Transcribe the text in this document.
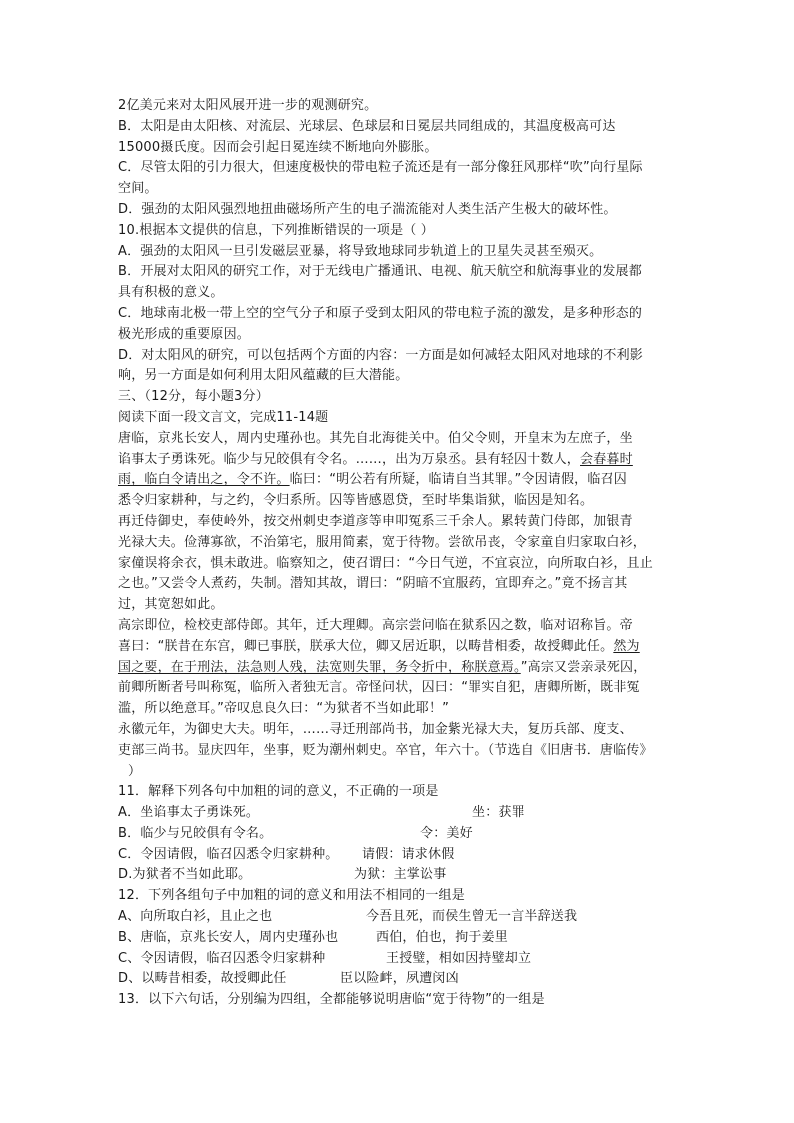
2亿美元来对太阳风展开进一步的观测研究。
B．太阳是由太阳核、对流层、光球层、色球层和日冕层共同组成的，其温度极高可达
15000摄氏度。因而会引起日冕连续不断地向外膨胀。
C．尽管太阳的引力很大，但速度极快的带电粒子流还是有一部分像狂风那样“吹”向行星际
空间。
D．强劲的太阳风强烈地扭曲磁场所产生的电子湍流能对人类生活产生极大的破坏性。
10.根据本文提供的信息，下列推断错误的一项是（ ）
A．强劲的太阳风一旦引发磁层亚暴，将导致地球同步轨道上的卫星失灵甚至殒灭。
B．开展对太阳风的研究工作，对于无线电广播通讯、电视、航天航空和航海事业的发展都
具有积极的意义。
C．地球南北极一带上空的空气分子和原子受到太阳风的带电粒子流的激发，是多种形态的
极光形成的重要原因。
D．对太阳风的研究，可以包括两个方面的内容：一方面是如何减轻太阳风对地球的不利影
响，另一方面是如何利用太阳风蕴藏的巨大潜能。
三、（12分，每小题3分）
阅读下面一段文言文，完成11-14题
唐临，京兆长安人，周内史瑾孙也。其先自北海徙关中。伯父令则，开皇末为左庶子，坐
谄事太子勇诛死。临少与兄皎俱有令名。……，出为万泉丞。县有轻囚十数人，会春暮时
雨，临白令请出之，令不许。临曰：“明公若有所疑，临请自当其罪。”令因请假，临召囚
悉令归家耕种，与之约，令归系所。囚等皆感恩贷，至时毕集诣狱，临因是知名。
再迁侍御史，奉使岭外，按交州刺史李道彦等申叩冤系三千余人。累转黄门侍郎，加银青
光禄大夫。俭薄寡欲，不治第宅，服用简素，宽于待物。尝欲吊丧，令家童自归家取白衫，
家僮误将余衣，惧未敢进。临察知之，使召谓曰：“今日气逆，不宜哀泣，向所取白衫，且止
之也。”又尝令人煮药，失制。潜知其故，谓曰：“阴暗不宜服药，宜即弃之。”竟不扬言其
过，其宽恕如此。
高宗即位，检校吏部侍郎。其年，迁大理卿。高宗尝问临在狱系囚之数，临对诏称旨。帝
喜曰：“朕昔在东宫，卿已事朕，朕承大位，卿又居近职，以畴昔相委，故授卿此任。然为
国之要，在于刑法，法急则人残，法宽则失罪，务令折中，称朕意焉。”高宗又尝亲录死囚，
前卿所断者号叫称冤，临所入者独无言。帝怪问状，囚曰：“罪实自犯，唐卿所断，既非冤
滥，所以绝意耳。”帝叹息良久曰：“为狱者不当如此耶！”
永徽元年，为御史大夫。明年，……寻迁刑部尚书，加金紫光禄大夫，复历兵部、度支、
吏部三尚书。显庆四年，坐事，贬为潮州刺史。卒官，年六十。（节选自《旧唐书．唐临传》
）
11．解释下列各句中加粗的词的意义，不正确的一项是
A．坐谄事太子勇诛死。	坐：获罪
B．临少与兄皎俱有令名。	令：美好
C．令因请假，临召囚悉令归家耕种。 请假：请求休假
D.为狱者不当如此耶。	为狱：主掌讼事
12．下列各组句子中加粗的词的意义和用法不相同的一组是
A、向所取白衫，且止之也	今吾且死，而侯生曾无一言半辞送我
B、唐临，京兆长安人，周内史瑾孙也	西伯，伯也，拘于姜里
C、令因请假，临召囚悉令归家耕种	王授璧，相如因持璧却立
D、以畴昔相委，故授卿此任	臣以险衅，夙遭闵凶
13．以下六句话，分别编为四组，全都能够说明唐临“宽于待物”的一组是
